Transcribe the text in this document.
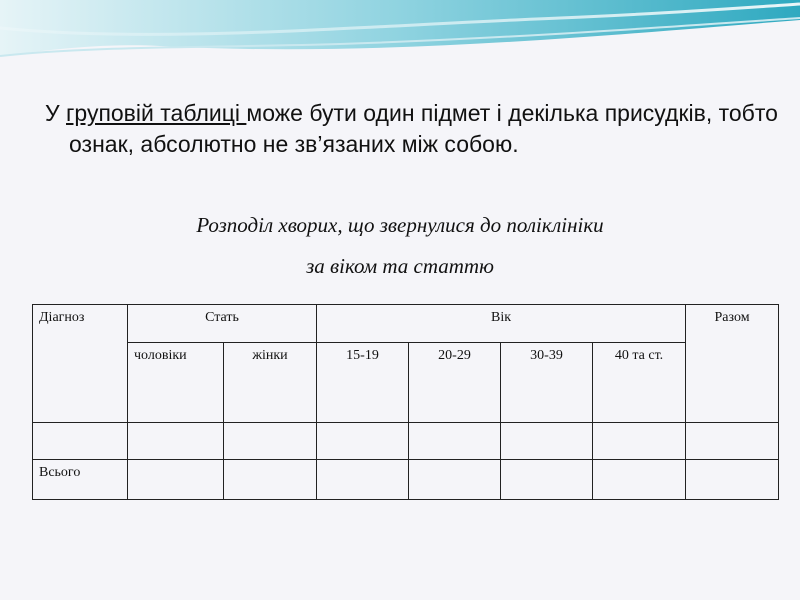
У груповій таблиці може бути один підмет і декілька присудків, тобто ознак, абсолютно не зв’язаних між собою.

Розподіл хворих, що звернулися до поліклініки

за віком та статтю

Діагноз	Стать		Вік				Разом
	чоловіки	жінки	15-19	20-29	30-39	40 та ст.	

Всього							
